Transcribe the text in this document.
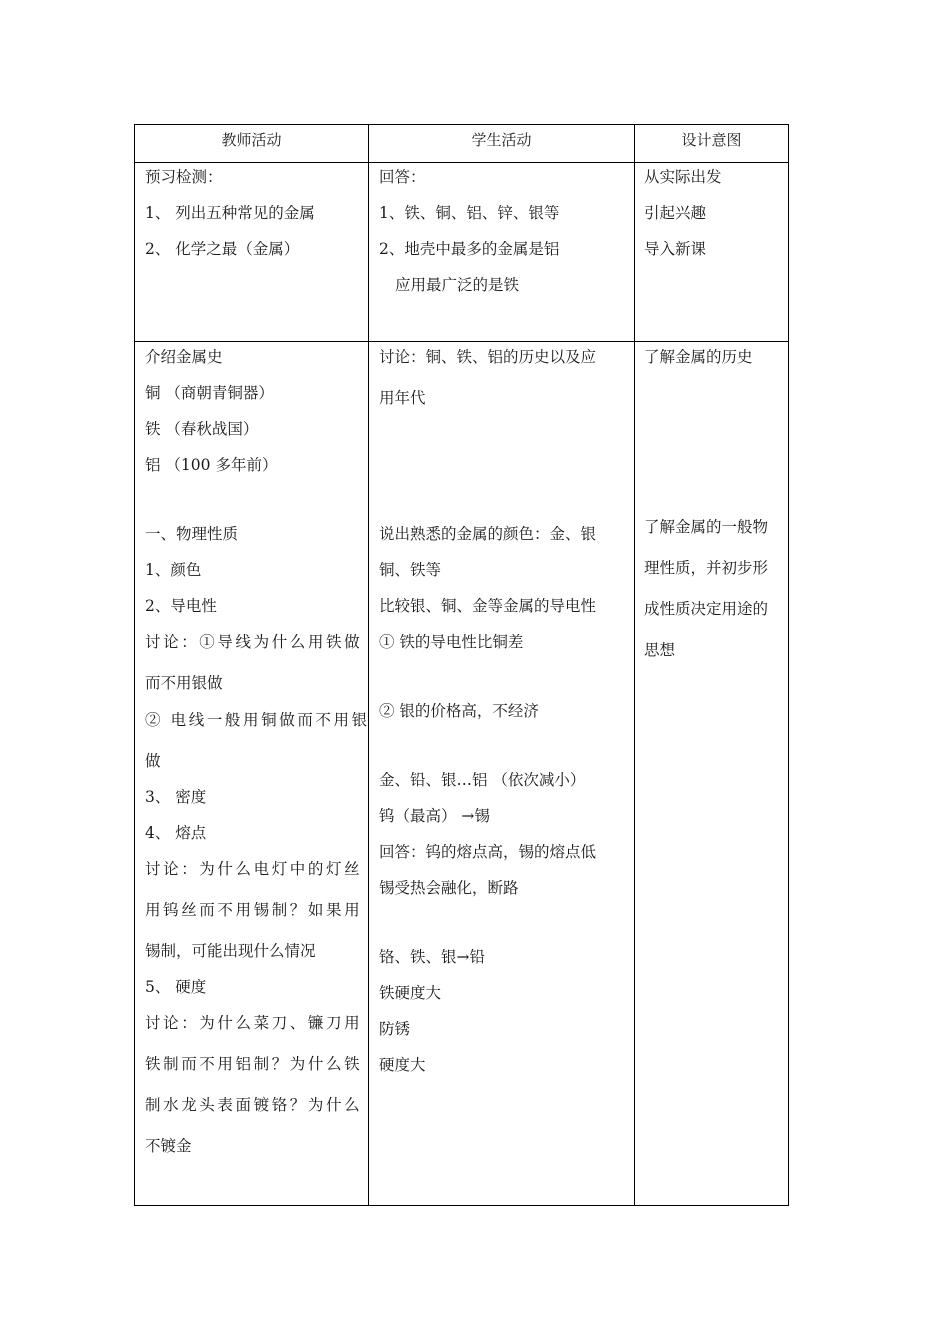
教师活动	学生活动	设计意图
预习检测：
1、 列出五种常见的金属
2、 化学之最（金属）
回答：
1、铁、铜、铝、锌、银等
2、地壳中最多的金属是铝
应用最广泛的是铁
从实际出发
引起兴趣
导入新课
介绍金属史
铜 （商朝青铜器）
铁 （春秋战国）
铝 （100 多年前）
一、物理性质
1、颜色
2、导电性
讨论：①导线为什么用铁做
而不用银做
② 电线一般用铜做而不用银
做
3、 密度
4、 熔点
讨论：为什么电灯中的灯丝
用钨丝而不用锡制？如果用
锡制，可能出现什么情况
5、 硬度
讨论：为什么菜刀、镰刀用
铁制而不用铝制？为什么铁
制水龙头表面镀铬？为什么
不镀金
讨论：铜、铁、铝的历史以及应
用年代
说出熟悉的金属的颜色：金、银
铜、铁等
比较银、铜、金等金属的导电性
① 铁的导电性比铜差
② 银的价格高，不经济
金、铅、银…铝 （依次减小）
钨（最高） →锡
回答：钨的熔点高，锡的熔点低
锡受热会融化，断路
铬、铁、银→铅
铁硬度大
防锈
硬度大
了解金属的历史
了解金属的一般物
理性质，并初步形
成性质决定用途的
思想
